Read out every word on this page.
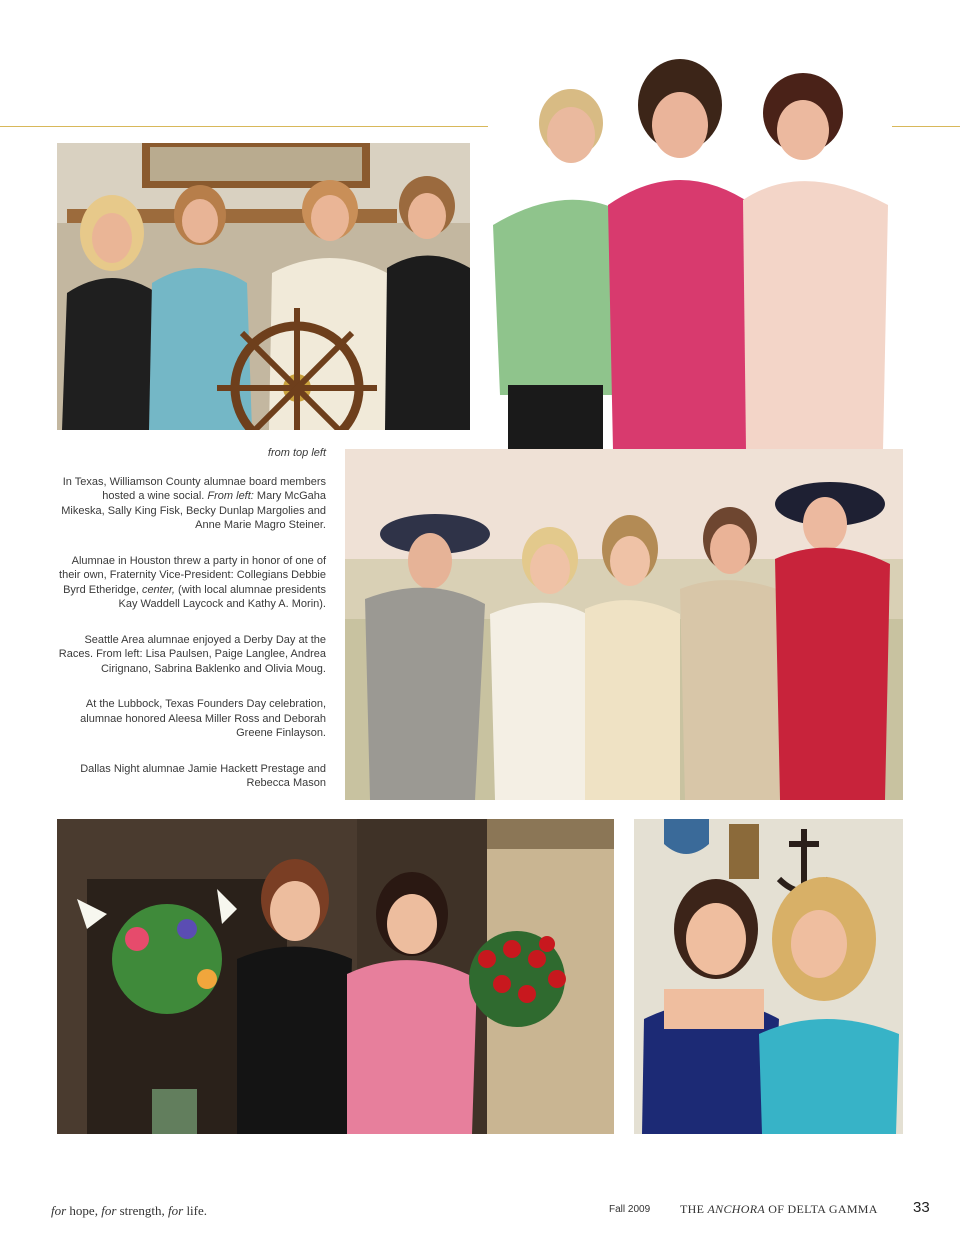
from top left

In Texas, Williamson County alumnae board members hosted a wine social. From left: Mary McGaha Mikeska, Sally King Fisk, Becky Dunlap Margolies and Anne Marie Magro Steiner.

Alumnae in Houston threw a party in honor of one of their own, Fraternity Vice-President: Collegians Debbie Byrd Etheridge, center, (with local alumnae presidents Kay Waddell Laycock and Kathy A. Morin).

Seattle Area alumnae enjoyed a Derby Day at the Races. From left: Lisa Paulsen, Paige Langlee, Andrea Cirignano, Sabrina Baklenko and Olivia Moug.

At the Lubbock, Texas Founders Day celebration, alumnae honored Aleesa Miller Ross and Deborah Greene Finlayson.

Dallas Night alumnae Jamie Hackett Prestage and Rebecca Mason

for hope, for strength, for life.	Fall 2009 THE ANCHORA OF DELTA GAMMA 33
